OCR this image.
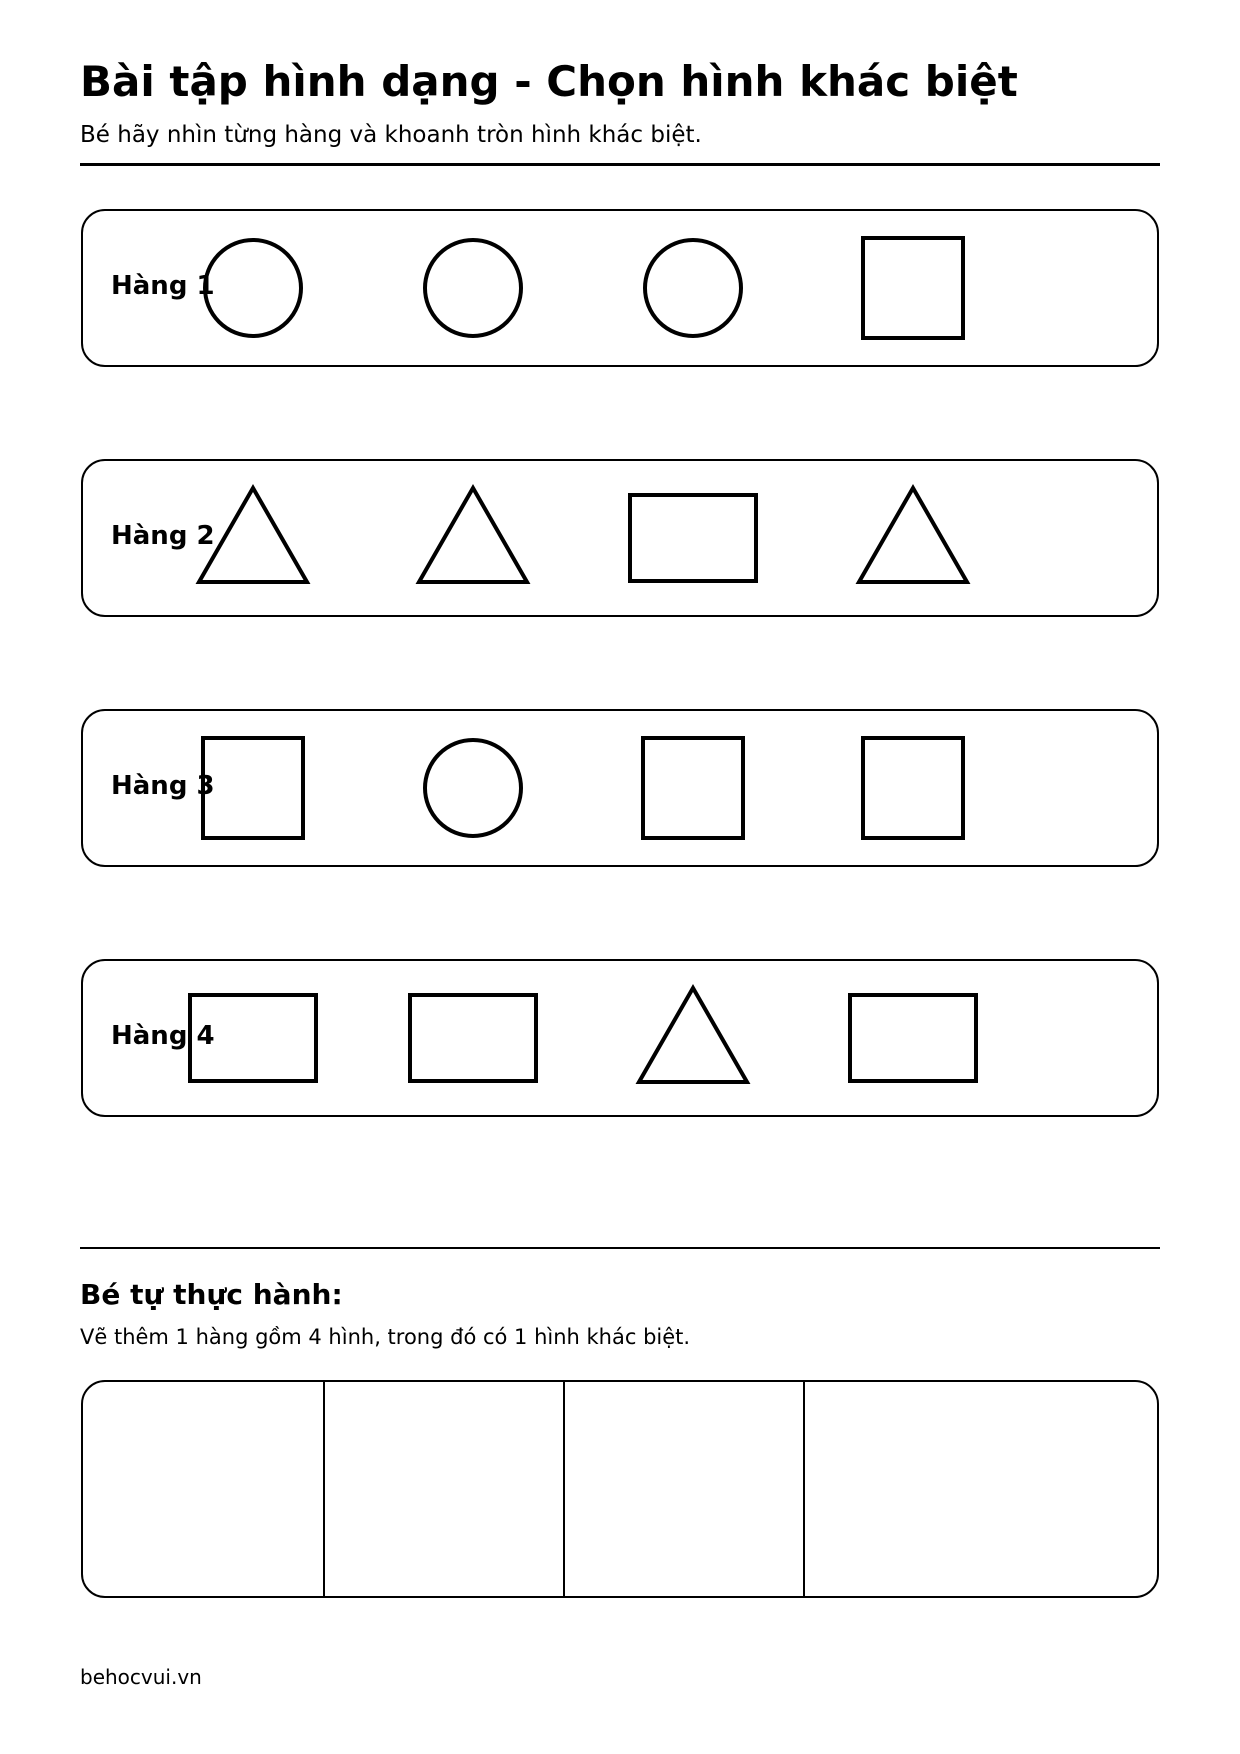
Bài tập hình dạng - Chọn hình khác biệt
Bé hãy nhìn từng hàng và khoanh tròn hình khác biệt.
Hàng 1
Hàng 2
Hàng 3
Hàng 4
Bé tự thực hành:
Vẽ thêm 1 hàng gồm 4 hình, trong đó có 1 hình khác biệt.
behocvui.vn
